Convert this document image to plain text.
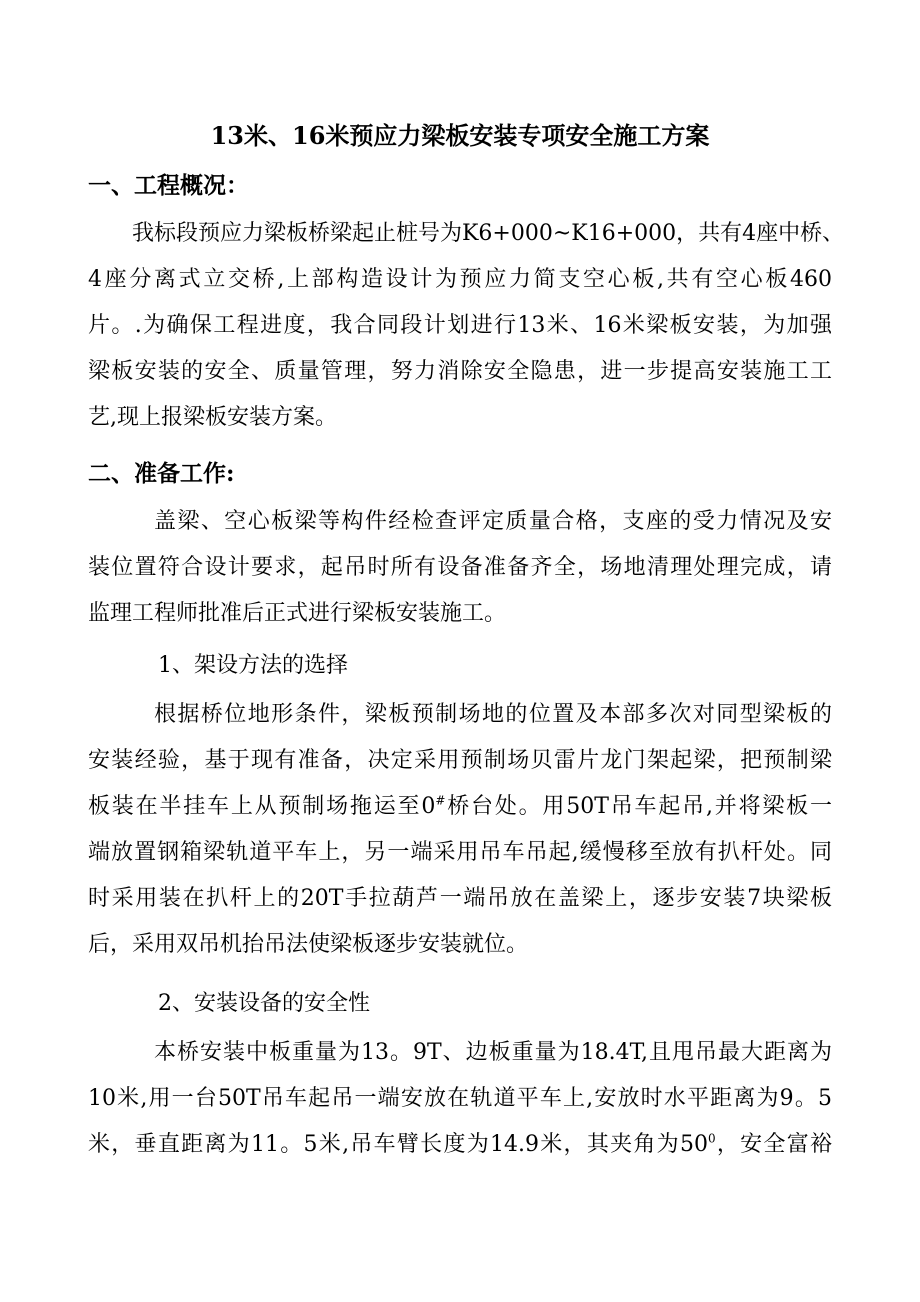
13米、16米预应力梁板安装专项安全施工方案
一、工程概况：
我标段预应力梁板桥梁起止桩号为K6+000~K16+000，共有4座中桥、
4座分离式立交桥,上部构造设计为预应力简支空心板,共有空心板460
片。.为确保工程进度，我合同段计划进行13米、16米梁板安装，为加强
梁板安装的安全、质量管理，努力消除安全隐患，进一步提高安装施工工
艺,现上报梁板安装方案。
二、准备工作:
盖梁、空心板梁等构件经检查评定质量合格，支座的受力情况及安
装位置符合设计要求，起吊时所有设备准备齐全，场地清理处理完成，请
监理工程师批准后正式进行梁板安装施工。
1、架设方法的选择
根据桥位地形条件，梁板预制场地的位置及本部多次对同型梁板的
安装经验，基于现有准备，决定采用预制场贝雷片龙门架起梁，把预制梁
板装在半挂车上从预制场拖运至0#桥台处。用50T吊车起吊,并将梁板一
端放置钢箱梁轨道平车上，另一端采用吊车吊起,缓慢移至放有扒杆处。同
时采用装在扒杆上的20T手拉葫芦一端吊放在盖梁上，逐步安装7块梁板
后，采用双吊机抬吊法使梁板逐步安装就位。
2、安装设备的安全性
本桥安装中板重量为13。9T、边板重量为18.4T,且甩吊最大距离为
10米,用一台50T吊车起吊一端安放在轨道平车上,安放时水平距离为9。5
米，垂直距离为11。5米,吊车臂长度为14.9米，其夹角为$50^0$，安全富裕
